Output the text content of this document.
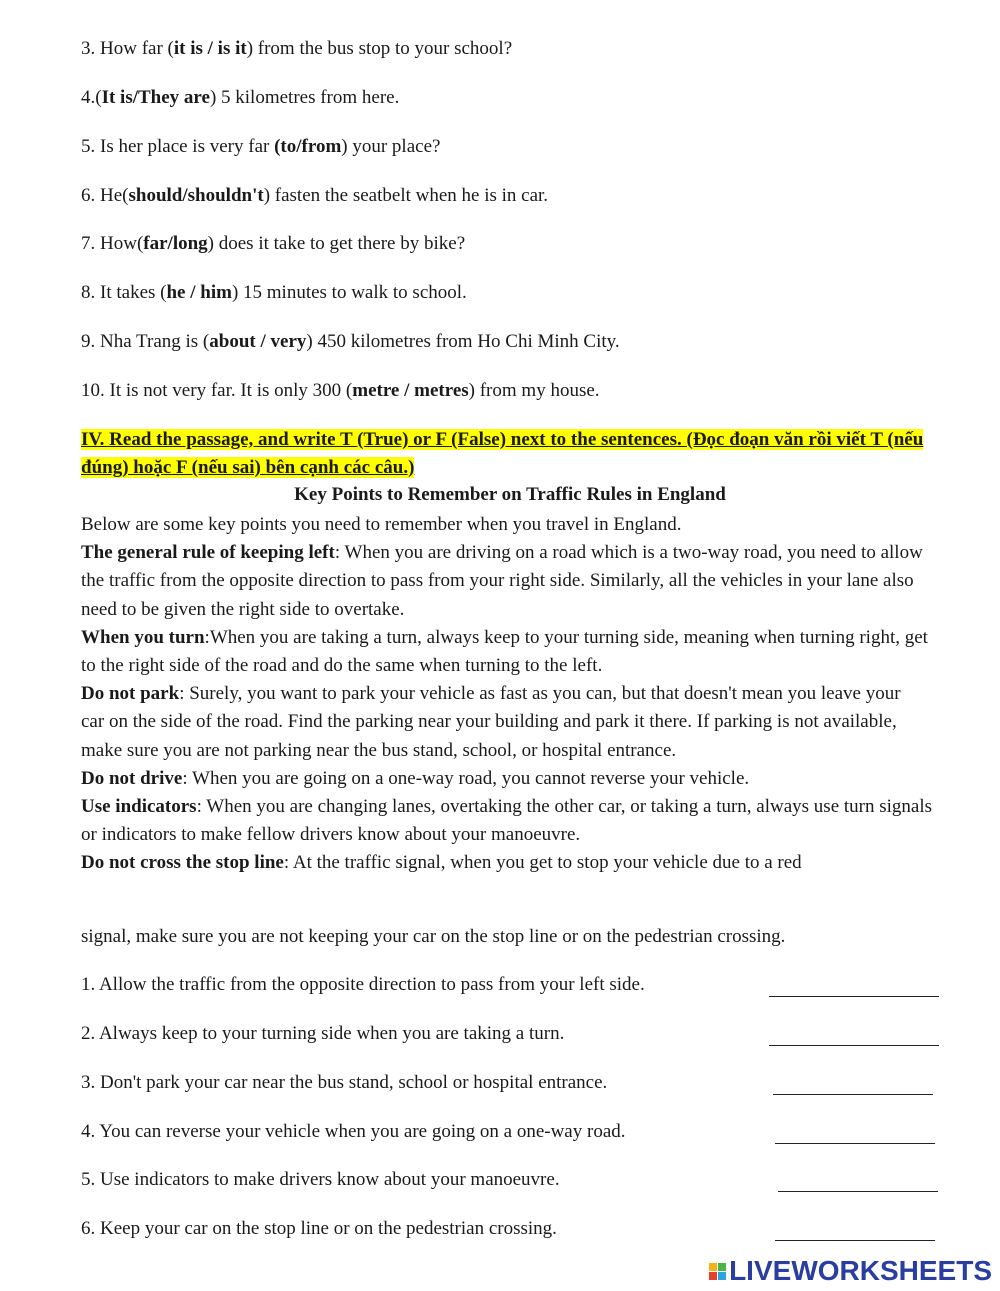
3. How far (it is / is it) from the bus stop to your school?
4.(It is/They are) 5 kilometres from here.
5. Is her place is very far (to/from) your place?
6. He(should/shouldn't) fasten the seatbelt when he is in car.
7. How(far/long) does it take to get there by bike?
8. It takes (he / him) 15 minutes to walk to school.
9. Nha Trang is (about / very) 450 kilometres from Ho Chi Minh City.
10. It is not very far. It is only 300 (metre / metres) from my house.
IV. Read the passage, and write T (True) or F (False) next to the sentences. (Đọc đoạn văn rồi viết T (nếu đúng) hoặc F (nếu sai) bên cạnh các câu.)
Key Points to Remember on Traffic Rules in England

Below are some key points you need to remember when you travel in England.

The general rule of keeping left: When you are driving on a road which is a two-way road, you need to allow the traffic from the opposite direction to pass from your right side. Similarly, all the vehicles in your lane also need to be given the right side to overtake.

When you turn:When you are taking a turn, always keep to your turning side, meaning when turning right, get to the right side of the road and do the same when turning to the left.

Do not park: Surely, you want to park your vehicle as fast as you can, but that doesn't mean you leave your car on the side of the road. Find the parking near your building and park it there. If parking is not available, make sure you are not parking near the bus stand, school, or hospital entrance.

Do not drive: When you are going on a one-way road, you cannot reverse your vehicle.

Use indicators: When you are changing lanes, overtaking the other car, or taking a turn, always use turn signals or indicators to make fellow drivers know about your manoeuvre.

Do not cross the stop line: At the traffic signal, when you get to stop your vehicle due to a red

signal, make sure you are not keeping your car on the stop line or on the pedestrian crossing.
1. Allow the traffic from the opposite direction to pass from your left side.
2. Always keep to your turning side when you are taking a turn.
3. Don't park your car near the bus stand, school or hospital entrance.
4. You can reverse your vehicle when you are going on a one-way road.
5. Use indicators to make drivers know about your manoeuvre.
6. Keep your car on the stop line or on the pedestrian crossing.
LIVEWORKSHEETS
